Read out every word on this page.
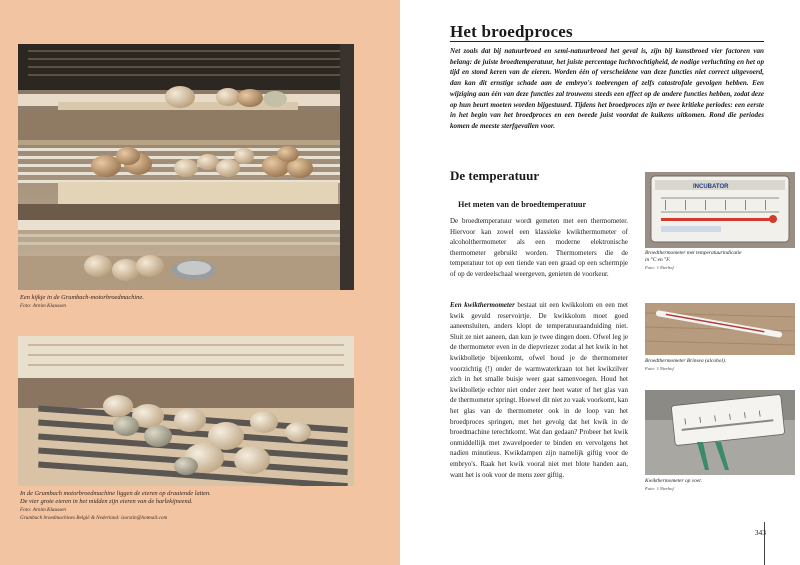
Een kijkje in de Grumbach-motorbroedmachine.
Foto: Arnim Klaussen
In de Grumbach motorbroedmachine liggen de eieren op draaiende latten.
De vier grote eieren in het midden zijn eieren van de harlekijneend.
Foto: Arnim Klaussen
Grumbach broedmachines België & Nederland: isorstin@hotmail.com
Het broedproces

Net zoals dat bij natuurbroed en semi-natuurbroed het geval is, zijn bij kunstbroed vier factoren van belang: de juiste broedtemperatuur, het juiste percentage luchtvochtigheid, de nodige verluchting en het op tijd en stond keren van de eieren. Worden één of verscheidene van deze functies niet correct uitgevoerd, dan kan dit ernstige schade aan de embryo's toebrengen of zelfs catastrofale gevolgen hebben. Een wijziging aan één van deze functies zal trouwens steeds een effect op de andere functies hebben, zodat deze op hun beurt moeten worden bijgestuurd. Tijdens het broedproces zijn er twee kritieke periodes: een eerste in het begin van het broedproces en een tweede juist voordat de kuikens uitkomen. Rond die periodes komen de meeste sterfgevallen voor.

De temperatuur
Het meten van de broedtemperatuur

De broedtemperatuur wordt gemeten met een thermometer. Hiervoor kan zowel een klassieke kwikthermometer of alcoholthermometer als een moderne elektronische thermometer gebruikt worden. Thermometers die de temperatuur tot op een tiende van een graad op een schermpje of op de verdeelschaal weergeven, genieten de voorkeur.

Een kwikthermometer bestaat uit een kwikkolom en een met kwik gevuld reservoirtje. De kwikkolom moet goed aaneensluiten, anders klopt de temperatuuraanduiding niet. Sluit ze niet aaneen, dan kun je twee dingen doen. Ofwel leg je de thermometer even in de diepvriezer zodat al het kwik in het kwikbolletje bijeenkomt, ofwel houd je de thermometer voorzichtig (!) onder de warmwaterkraan tot het kwikzilver zich in het smalle buisje weer gaat samenvoegen. Houd het kwikbolletje echter niet onder zeer heet water of het glas van de thermometer springt. Hoewel dit niet zo vaak voorkomt, kan het glas van de thermometer ook in de loop van het broedproces springen, met het gevolg dat het kwik in de broedmachine terechtkomt. Wat dan gedaan? Probeer het kwik onmiddellijk met zwavelpoeder te binden en vervolgens het nadien minutieus. Kwikdampen zijn namelijk giftig voor de embryo's. Raak het kwik vooral niet met blote handen aan, want het is ook voor de mens zeer giftig.

INCUBATOR
Broedthermometer met temperatuurindicatie
in °C en °F.
Foto: 't Nierhof
Broedthermometer Brinsea (alcohol).
Foto: 't Nierhof
Kwikthermometer op voet.
Foto: 't Nierhof
343
